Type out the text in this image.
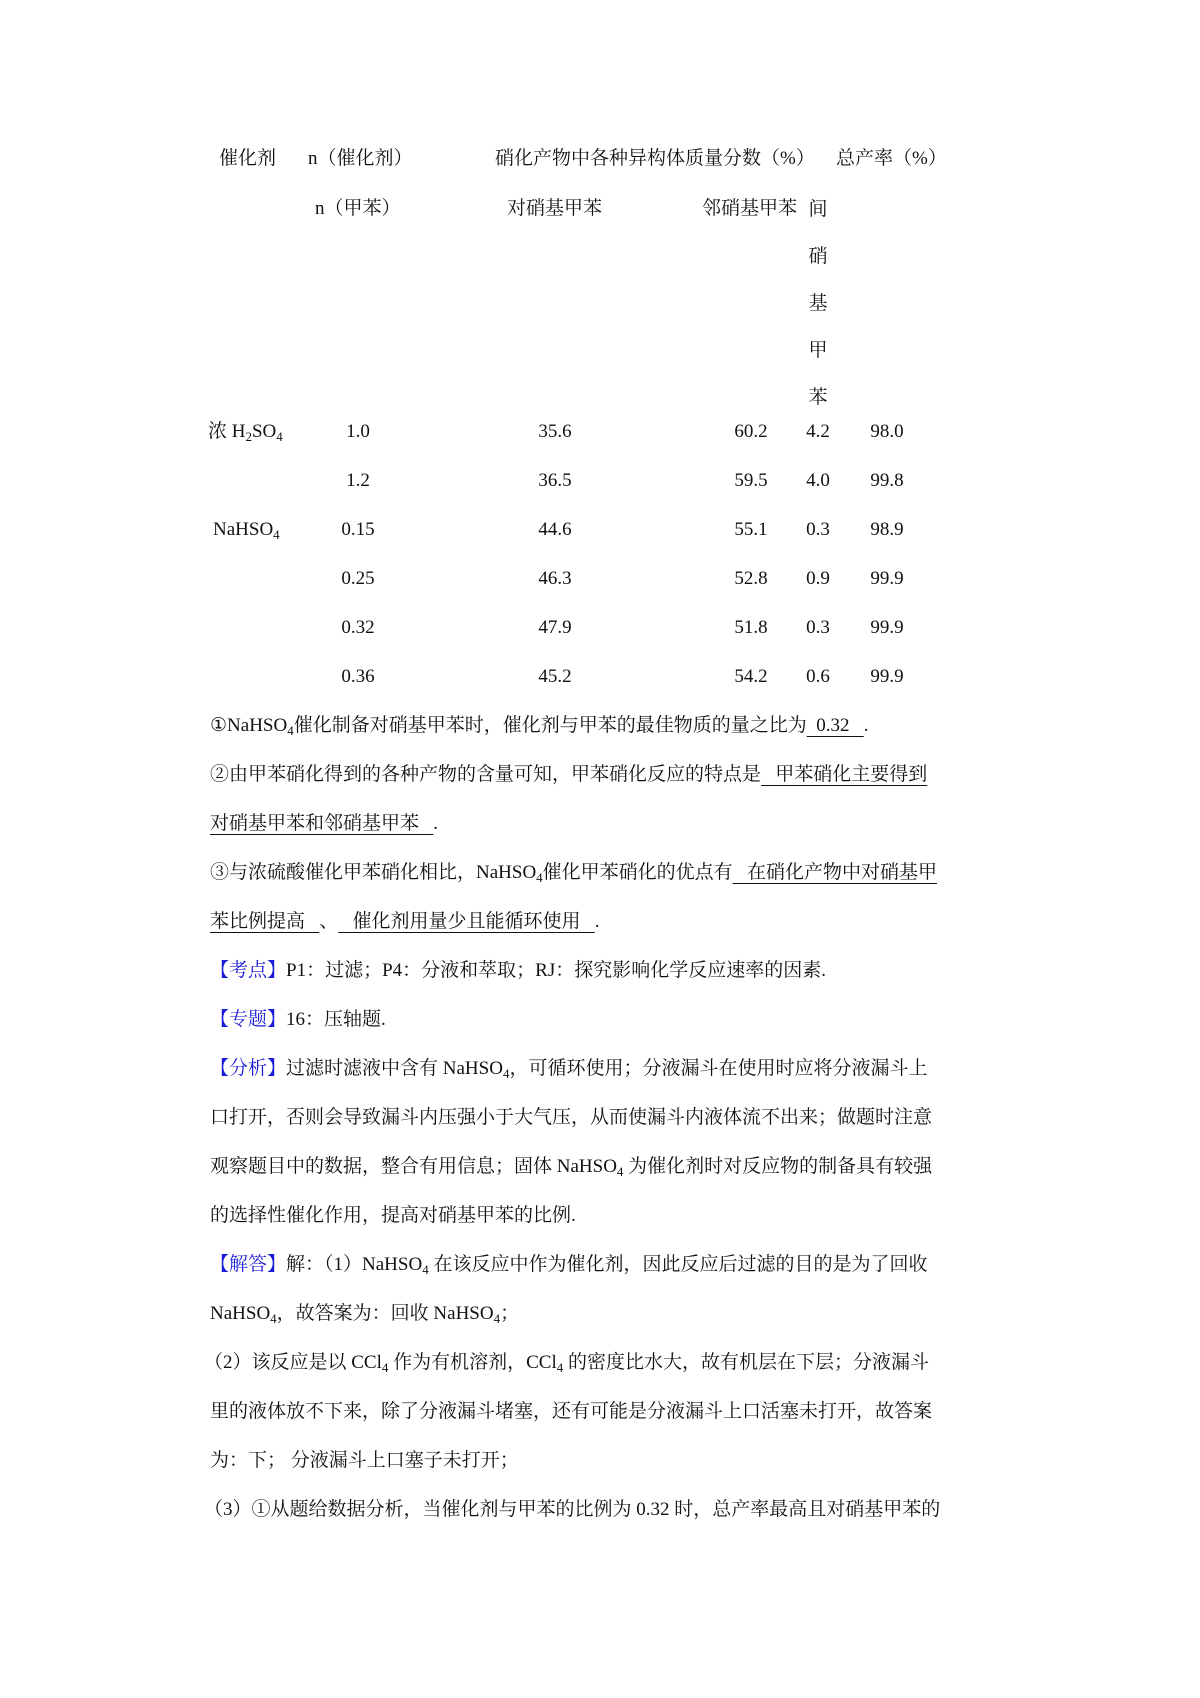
催化剂 n（催化剂）
n（甲苯）
硝化产物中各种异构体质量分数（%） 总产率（%）
对硝基甲苯	邻硝基甲苯 间
硝
基
甲
苯
浓 $H_2SO_4$	1.0	35.6	60.2 4.2 98.0
1.2	36.5	59.5 4.0 99.8
NaHSO$_4$	0.15	44.6	55.1 0.3 98.9
0.25	46.3	52.8 0.9 99.9
0.32	47.9	51.8 0.3 99.9
0.36	45.2	54.2 0.6 99.9
①NaHSO$_4$催化制备对硝基甲苯时，催化剂与甲苯的最佳物质的量之比为  0.32   .
②由甲苯硝化得到的各种产物的含量可知，甲苯硝化反应的特点是   甲苯硝化主要得到
对硝基甲苯和邻硝基甲苯   .
③与浓硫酸催化甲苯硝化相比，NaHSO$_4$催化甲苯硝化的优点有   在硝化产物中对硝基甲
苯比例提高   、   催化剂用量少且能循环使用   .
【考点】P1：过滤；P4：分液和萃取；RJ：探究影响化学反应速率的因素.
【专题】16：压轴题.
【分析】过滤时滤液中含有 NaHSO$_4$，可循环使用；分液漏斗在使用时应将分液漏斗上
口打开，否则会导致漏斗内压强小于大气压，从而使漏斗内液体流不出来；做题时注意
观察题目中的数据，整合有用信息；固体 NaHSO$_4$ 为催化剂时对反应物的制备具有较强
的选择性催化作用，提高对硝基甲苯的比例.
【解答】解：（1）NaHSO$_4$ 在该反应中作为催化剂，因此反应后过滤的目的是为了回收
NaHSO$_4$，故答案为：回收 NaHSO$_4$；
（2）该反应是以 CCl$_4$ 作为有机溶剂，CCl$_4$ 的密度比水大，故有机层在下层；分液漏斗
里的液体放不下来，除了分液漏斗堵塞，还有可能是分液漏斗上口活塞未打开，故答案
为：下； 分液漏斗上口塞子未打开；
（3）①从题给数据分析，当催化剂与甲苯的比例为 0.32 时，总产率最高且对硝基甲苯的
